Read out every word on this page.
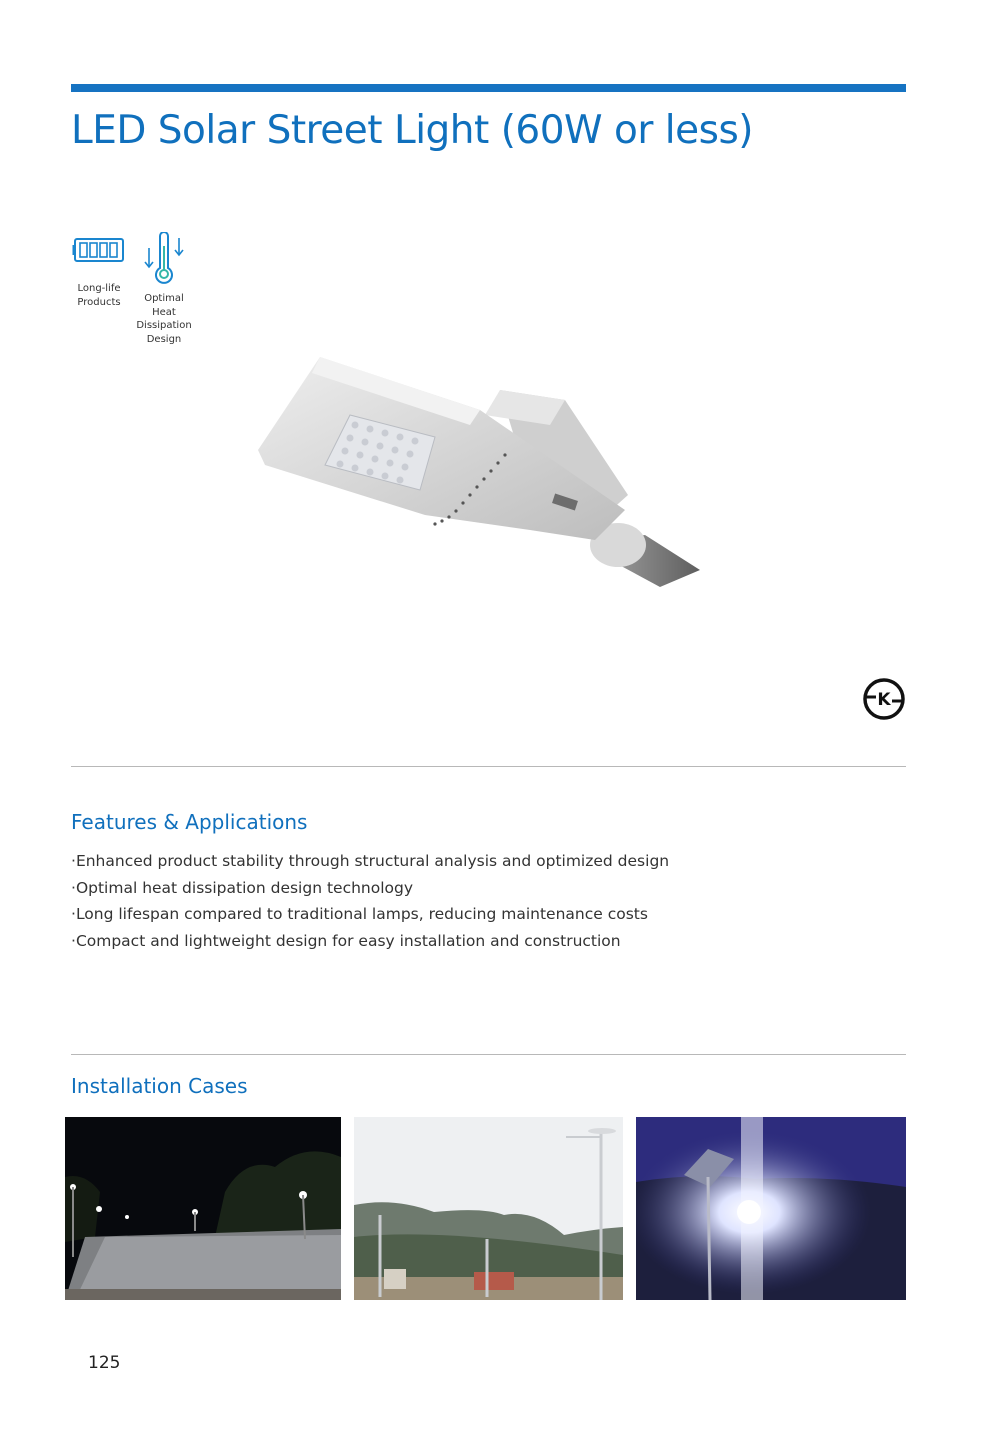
LED Solar Street Light (60W or less)
Long-life
Products	Optimal
Heat
Dissipation
Design
K
Features & Applications
· Enhanced product stability through structural analysis and optimized design
· Optimal heat dissipation design technology
· Long lifespan compared to traditional lamps, reducing maintenance costs
· Compact and lightweight design for easy installation and construction
Installation Cases
125
